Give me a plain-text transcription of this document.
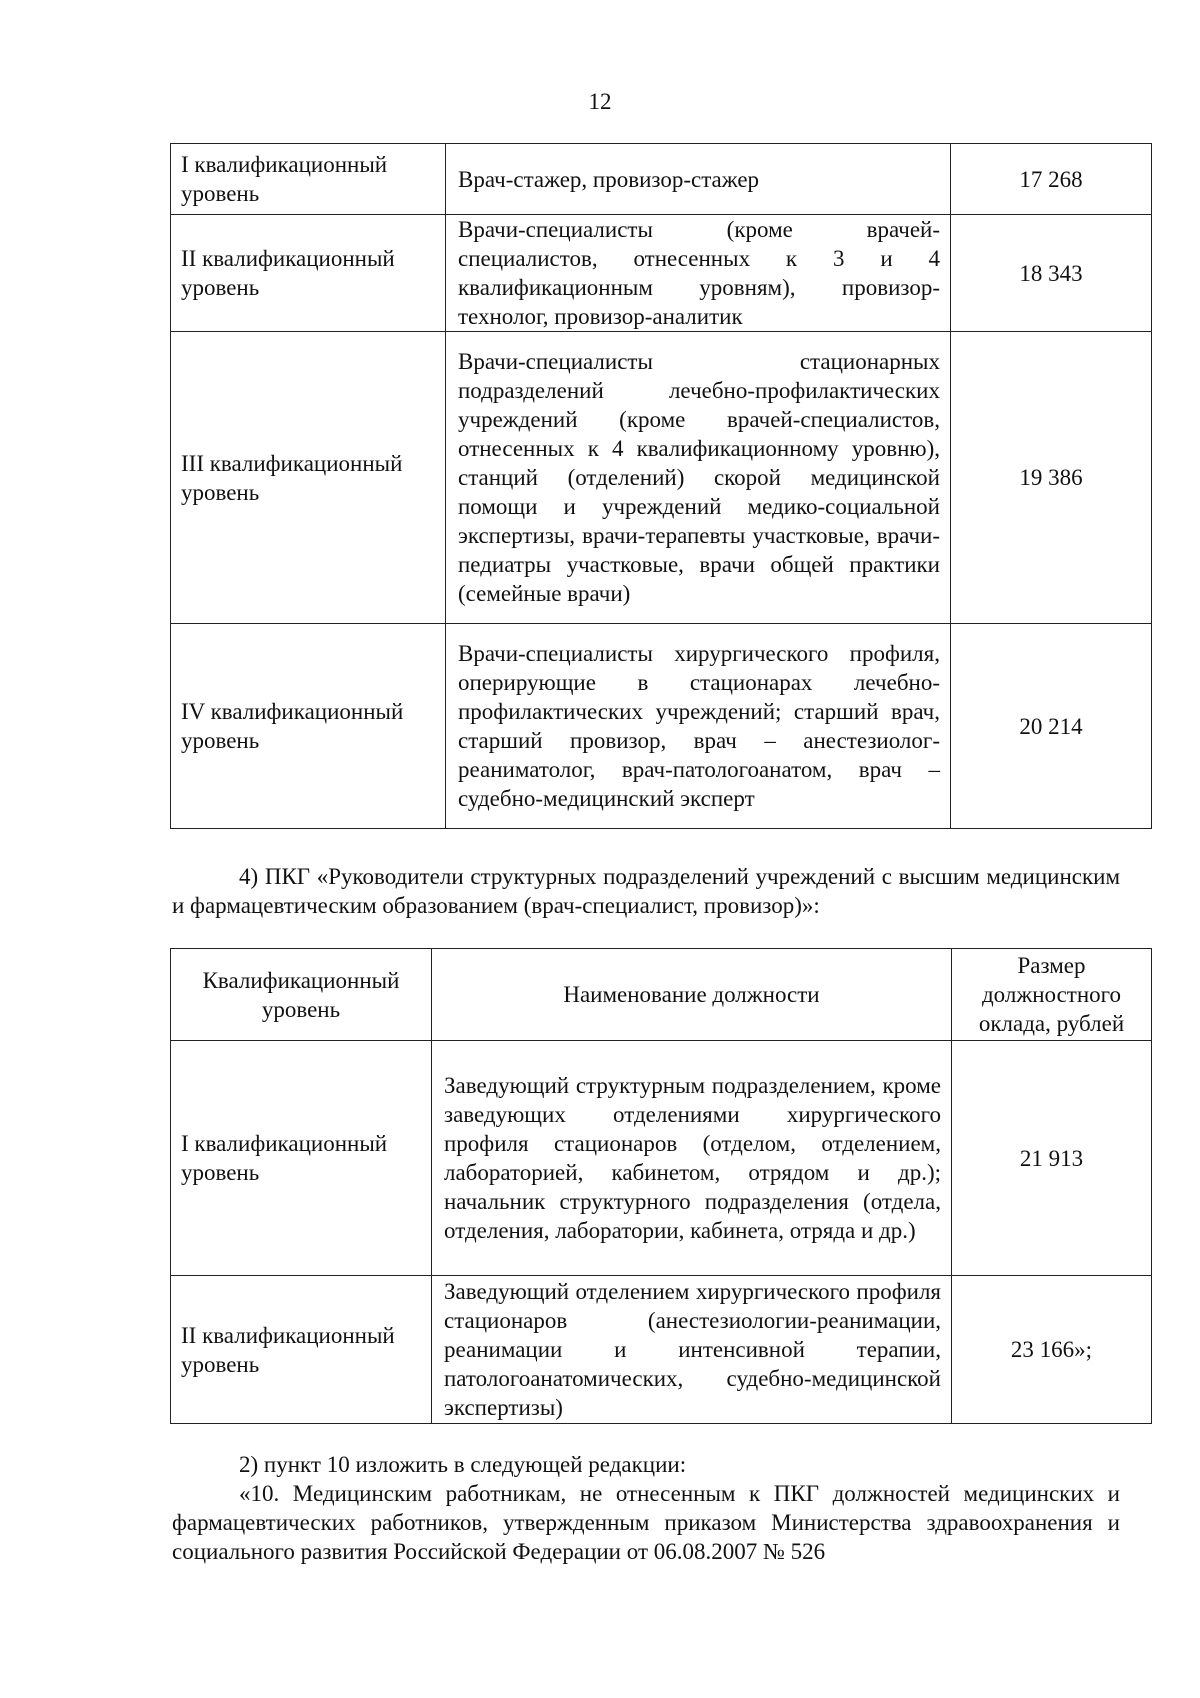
12
I квалификационный уровень	Врач-стажер, провизор-стажер	17 268
II квалификационный уровень	Врачи-специалисты (кроме врачей-специалистов, отнесенных к 3 и 4 квалификационным уровням), провизор-технолог, провизор-аналитик	18 343
III квалификационный уровень	Врачи-специалисты стационарных подразделений лечебно-профилактических учреждений (кроме врачей-специалистов, отнесенных к 4 квалификационному уровню), станций (отделений) скорой медицинской помощи и учреждений медико-социальной экспертизы, врачи-терапевты участковые, врачи-педиатры участковые, врачи общей практики (семейные врачи)	19 386
IV квалификационный уровень	Врачи-специалисты хирургического профиля, оперирующие в стационарах лечебно-профилактических учреждений; старший врач, старший провизор, врач – анестезиолог-реаниматолог, врач-патологоанатом, врач – судебно-медицинский эксперт	20 214

4) ПКГ «Руководители структурных подразделений учреждений с высшим медицинским и фармацевтическим образованием (врач-специалист, провизор)»:

Квалификационный уровень	Наименование должности	Размер должностного оклада, рублей
I квалификационный уровень	Заведующий структурным подразделением, кроме заведующих отделениями хирургического профиля стационаров (отделом, отделением, лабораторией, кабинетом, отрядом и др.); начальник структурного подразделения (отдела, отделения, лаборатории, кабинета, отряда и др.)	21 913
II квалификационный уровень	Заведующий отделением хирургического профиля стационаров (анестезиологии-реанимации, реанимации и интенсивной терапии, патологоанатомических, судебно-медицинской экспертизы)	23 166»;

2) пункт 10 изложить в следующей редакции:

«10. Медицинским работникам, не отнесенным к ПКГ должностей медицинских и фармацевтических работников, утвержденным приказом Министерства здравоохранения и социального развития Российской Федерации от 06.08.2007 № 526
